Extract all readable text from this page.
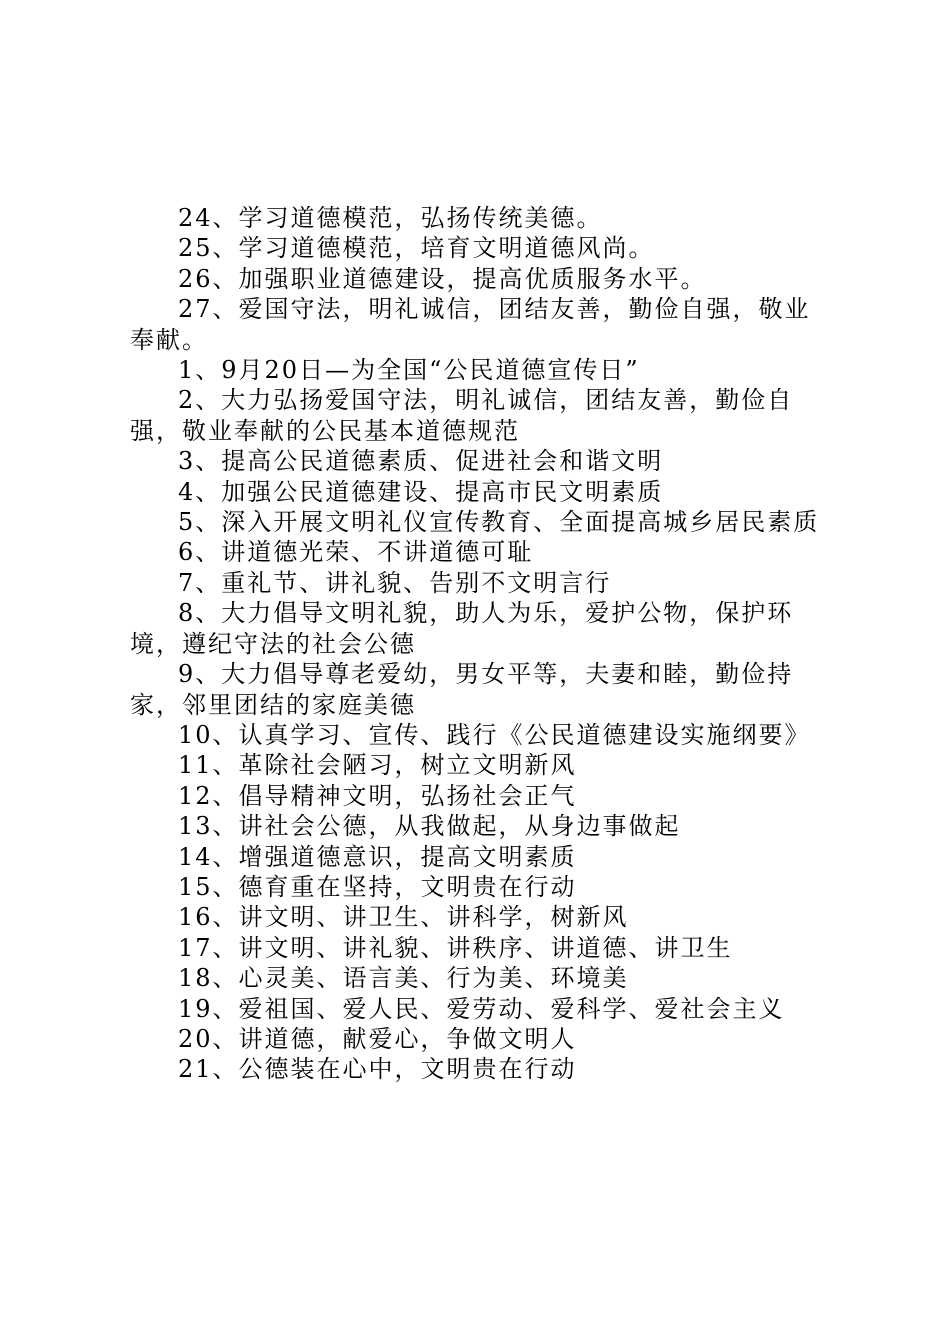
24、学习道德模范，弘扬传统美德。

25、学习道德模范，培育文明道德风尚。

26、加强职业道德建设，提高优质服务水平。

27、爱国守法，明礼诚信，团结友善，勤俭自强，敬业奉献。

1、9月20日—为全国“公民道德宣传日”

2、大力弘扬爱国守法，明礼诚信，团结友善，勤俭自强，敬业奉献的公民基本道德规范

3、提高公民道德素质、促进社会和谐文明

4、加强公民道德建设、提高市民文明素质

5、深入开展文明礼仪宣传教育、全面提高城乡居民素质

6、讲道德光荣、不讲道德可耻

7、重礼节、讲礼貌、告别不文明言行

8、大力倡导文明礼貌，助人为乐，爱护公物，保护环境，遵纪守法的社会公德

9、大力倡导尊老爱幼，男女平等，夫妻和睦，勤俭持家，邻里团结的家庭美德

10、认真学习、宣传、践行《公民道德建设实施纲要》

11、革除社会陋习，树立文明新风

12、倡导精神文明，弘扬社会正气

13、讲社会公德，从我做起，从身边事做起

14、增强道德意识，提高文明素质

15、德育重在坚持，文明贵在行动

16、讲文明、讲卫生、讲科学，树新风

17、讲文明、讲礼貌、讲秩序、讲道德、讲卫生

18、心灵美、语言美、行为美、环境美

19、爱祖国、爱人民、爱劳动、爱科学、爱社会主义

20、讲道德，献爱心，争做文明人

21、公德装在心中，文明贵在行动
